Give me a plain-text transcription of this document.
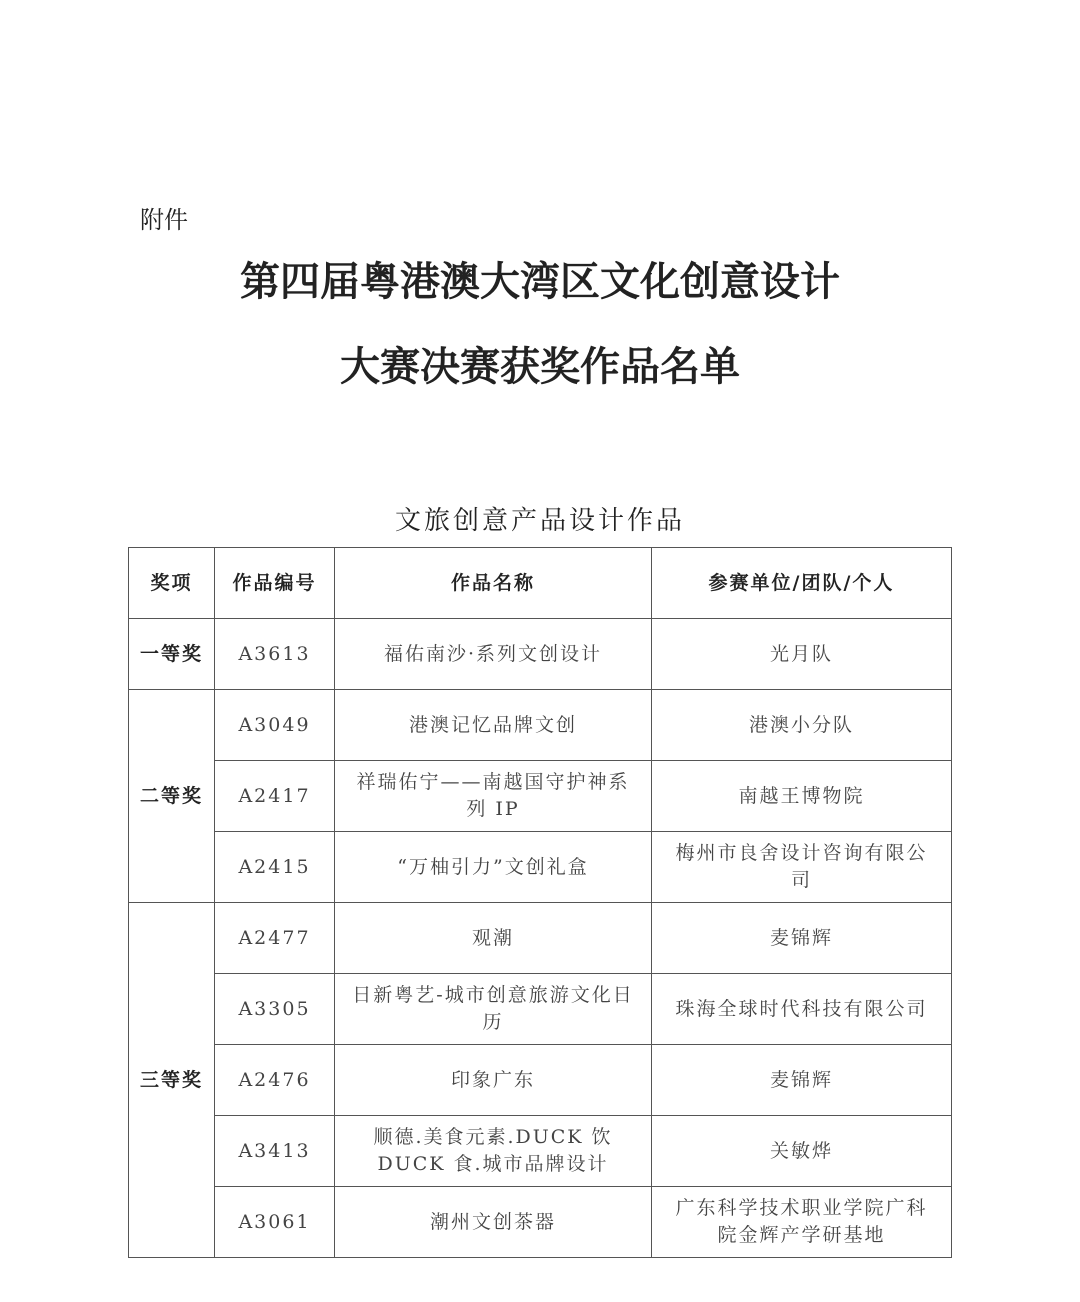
附件
第四届粤港澳大湾区文化创意设计
大赛决赛获奖作品名单
文旅创意产品设计作品
奖项	作品编号	作品名称	参赛单位/团队/个人
一等奖	A3613	福佑南沙·系列文创设计	光月队
二等奖	A3049	港澳记忆品牌文创	港澳小分队
	A2417	祥瑞佑宁——南越国守护神系列 IP	南越王博物院
	A2415	“万柚引力”文创礼盒	梅州市良舍设计咨询有限公司
三等奖	A2477	观潮	麦锦辉
	A3305	日新粤艺-城市创意旅游文化日历	珠海全球时代科技有限公司
	A2476	印象广东	麦锦辉
	A3413	顺德.美食元素.DUCK 饮 DUCK 食.城市品牌设计	关敏烨
	A3061	潮州文创茶器	广东科学技术职业学院广科院金辉产学研基地
